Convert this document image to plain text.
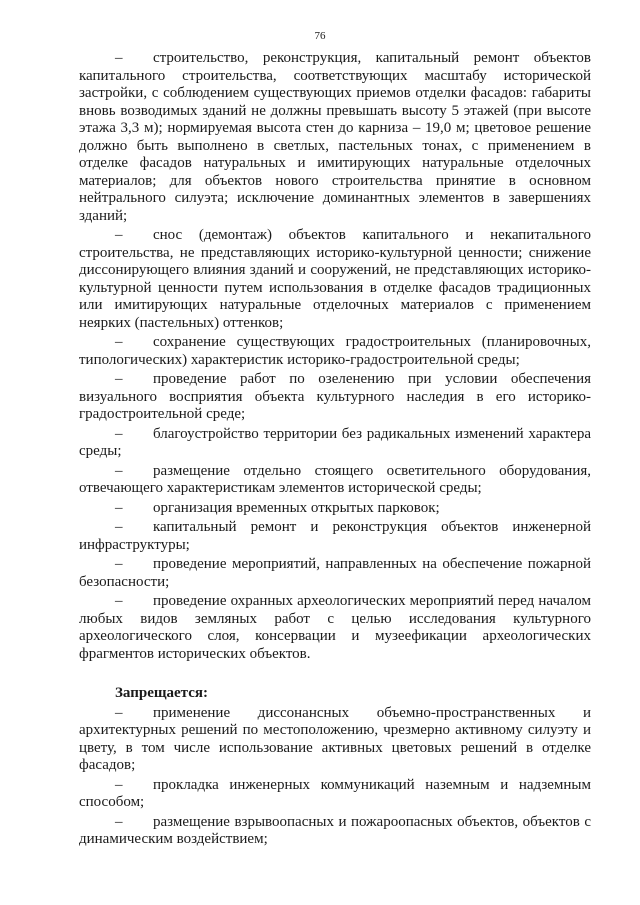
76

– строительство, реконструкция, капитальный ремонт объектов капитального строительства, соответствующих масштабу исторической застройки, с соблюдением существующих приемов отделки фасадов: габариты вновь возводимых зданий не должны превышать высоту 5 этажей (при высоте этажа 3,3 м); нормируемая высота стен до карниза – 19,0 м; цветовое решение должно быть выполнено в светлых, пастельных тонах, с применением в отделке фасадов натуральных и имитирующих натуральные отделочных материалов; для объектов нового строительства принятие в основном нейтрального силуэта; исключение доминантных элементов в завершениях зданий;

– снос (демонтаж) объектов капитального и некапитального строительства, не представляющих историко-культурной ценности; снижение диссонирующего влияния зданий и сооружений, не представляющих историко-культурной ценности путем использования в отделке фасадов традиционных или имитирующих натуральные отделочных материалов с применением неярких (пастельных) оттенков;

– сохранение существующих градостроительных (планировочных, типологических) характеристик историко-градостроительной среды;

– проведение работ по озеленению при условии обеспечения визуального восприятия объекта культурного наследия в его историко-градостроительной среде;

– благоустройство территории без радикальных изменений характера среды;

– размещение отдельно стоящего осветительного оборудования, отвечающего характеристикам элементов исторической среды;

– организация временных открытых парковок;

– капитальный ремонт и реконструкция объектов инженерной инфраструктуры;

– проведение мероприятий, направленных на обеспечение пожарной безопасности;

– проведение охранных археологических мероприятий перед началом любых видов земляных работ с целью исследования культурного археологического слоя, консервации и музеефикации археологических фрагментов исторических объектов.

Запрещается:

– применение диссонансных объемно-пространственных и архитектурных решений по местоположению, чрезмерно активному силуэту и цвету, в том числе использование активных цветовых решений в отделке фасадов;

– прокладка инженерных коммуникаций наземным и надземным способом;

– размещение взрывоопасных и пожароопасных объектов, объектов с динамическим воздействием;
